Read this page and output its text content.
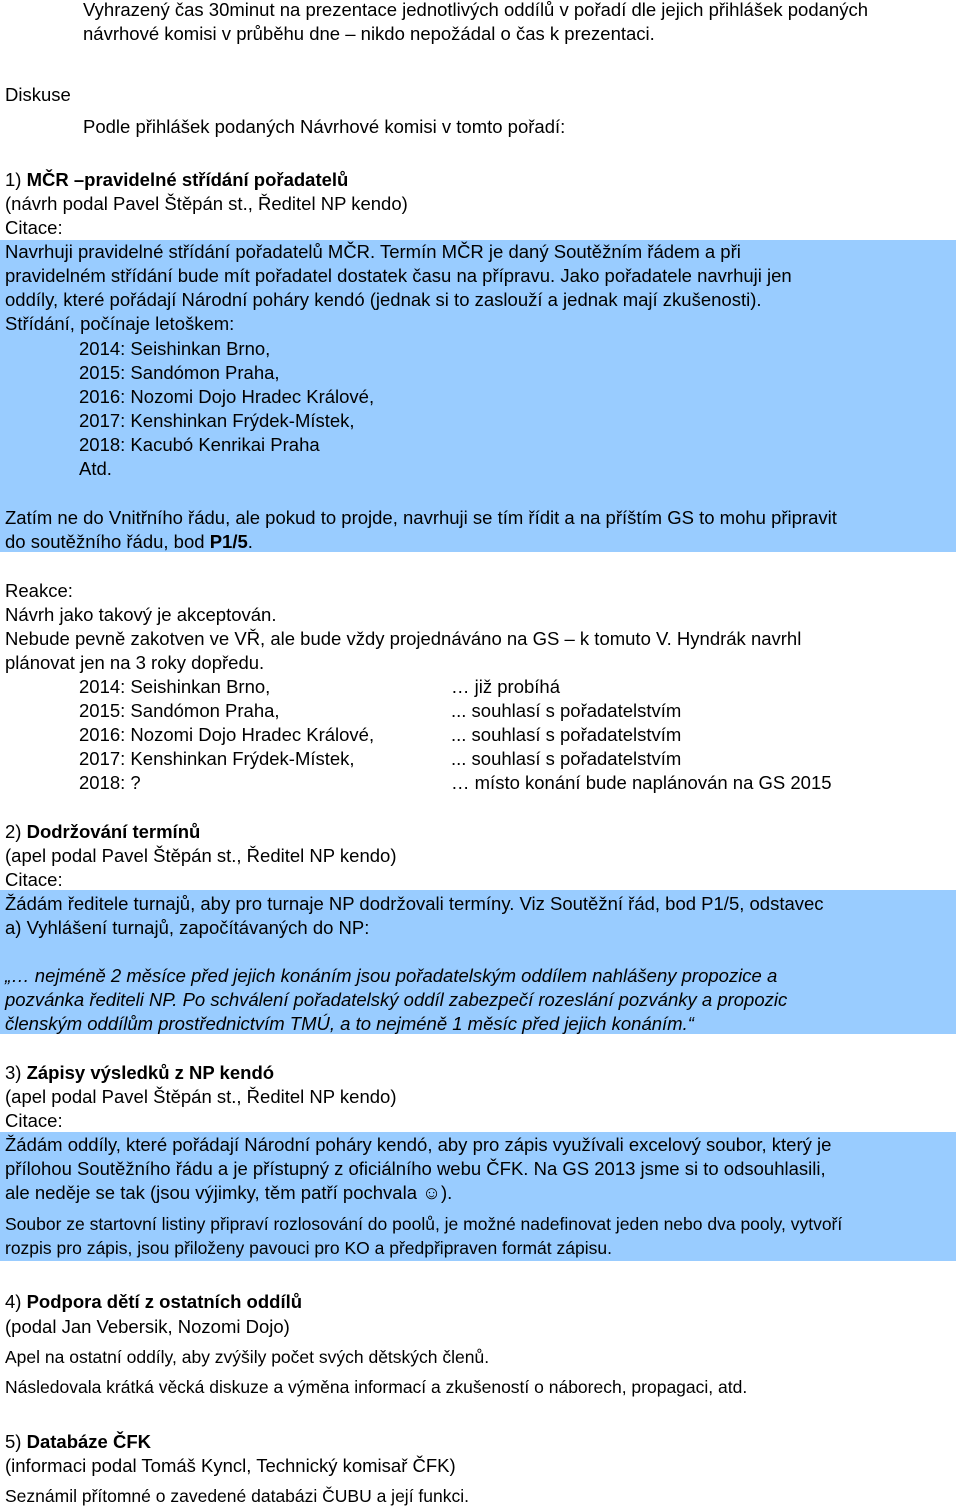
Vyhrazený čas 30minut na prezentace jednotlivých oddílů v pořadí dle jejich přihlášek podaných
návrhové komisi v průběhu dne – nikdo nepožádal o čas k prezentaci.
Diskuse
Podle přihlášek podaných Návrhové komisi v tomto pořadí:
1) MČR –pravidelné střídání pořadatelů
(návrh podal Pavel Štěpán st., Ředitel NP kendo)
Citace:
Navrhuji pravidelné střídání pořadatelů MČR. Termín MČR je daný Soutěžním řádem a při
pravidelném střídání bude mít pořadatel dostatek času na přípravu. Jako pořadatele navrhuji jen
oddíly, které pořádají Národní poháry kendó (jednak si to zaslouží a jednak mají zkušenosti).
Střídání, počínaje letoškem:
2014: Seishinkan Brno,
2015: Sandómon Praha,
2016: Nozomi Dojo Hradec Králové,
2017: Kenshinkan Frýdek-Místek,
2018: Kacubó Kenrikai Praha
Atd.
Zatím ne do Vnitřního řádu, ale pokud to projde, navrhuji se tím řídit a na příštím GS to mohu připravit
do soutěžního řádu, bod P1/5.
Reakce:
Návrh jako takový je akceptován.
Nebude pevně zakotven ve VŘ, ale bude vždy projednáváno na GS – k tomuto V. Hyndrák navrhl
plánovat jen na 3 roky dopředu.
2014: Seishinkan Brno,	… již probíhá
2015: Sandómon Praha,	... souhlasí s pořadatelstvím
2016: Nozomi Dojo Hradec Králové,	... souhlasí s pořadatelstvím
2017: Kenshinkan Frýdek-Místek,	... souhlasí s pořadatelstvím
2018: ?	… místo konání bude naplánován na GS 2015
2) Dodržování termínů
(apel podal Pavel Štěpán st., Ředitel NP kendo)
Citace:
Žádám ředitele turnajů, aby pro turnaje NP dodržovali termíny. Viz Soutěžní řád, bod P1/5, odstavec
a) Vyhlášení turnajů, započítávaných do NP:
„… nejméně 2 měsíce před jejich konáním jsou pořadatelským oddílem nahlášeny propozice a
pozvánka řediteli NP. Po schválení pořadatelský oddíl zabezpečí rozeslání pozvánky a propozic
členským oddílům prostřednictvím TMÚ, a to nejméně 1 měsíc před jejich konáním.“
3) Zápisy výsledků z NP kendó
(apel podal Pavel Štěpán st., Ředitel NP kendo)
Citace:
Žádám oddíly, které pořádají Národní poháry kendó, aby pro zápis využívali excelový soubor, který je
přílohou Soutěžního řádu a je přístupný z oficiálního webu ČFK. Na GS 2013 jsme si to odsouhlasili,
ale neděje se tak (jsou výjimky, těm patří pochvala ☺).
Soubor ze startovní listiny připraví rozlosování do poolů, je možné nadefinovat jeden nebo dva pooly, vytvoří
rozpis pro zápis, jsou přiloženy pavouci pro KO a předpřipraven formát zápisu.
4) Podpora dětí z ostatních oddílů
(podal Jan Vebersik, Nozomi Dojo)
Apel na ostatní oddíly, aby zvýšily počet svých dětských členů.
Následovala krátká věcká diskuze a výměna informací a zkušeností o náborech, propagaci, atd.
5) Databáze ČFK
(informaci podal Tomáš Kyncl, Technický komisař ČFK)
Seznámil přítomné o zavedené databázi ČUBU a její funkci.
